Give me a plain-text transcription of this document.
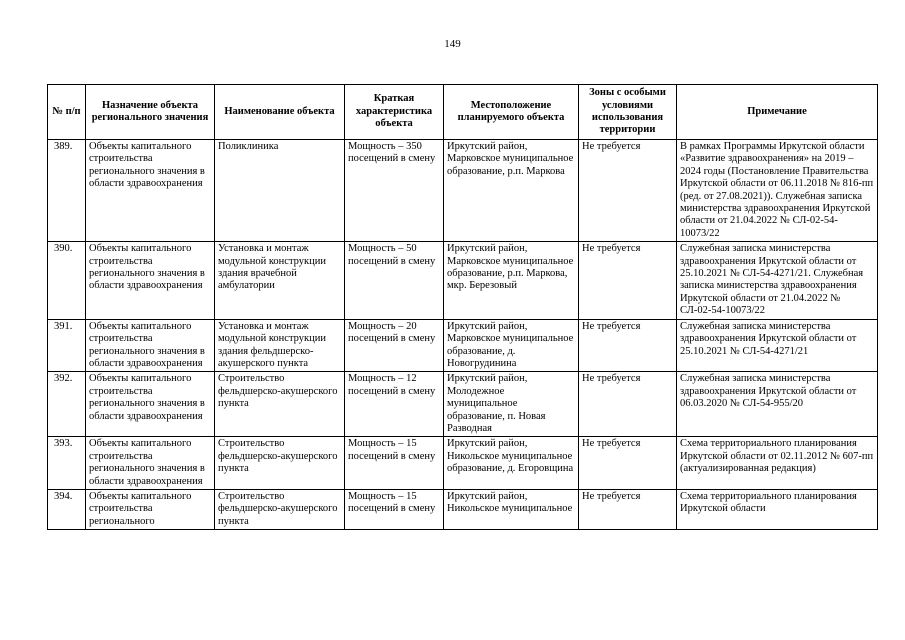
149
№ п/п	Назначение объекта регионального значения	Наименование объекта	Краткая характеристика объекта	Местоположение планируемого объекта	Зоны с особыми условиями использования территории	Примечание
389.	Объекты капитального строительства регионального значения в области здравоохранения	Поликлиника	Мощность – 350 посещений в смену	Иркутский район, Марковское муниципальное образование, р.п. Маркова	Не требуется	В рамках Программы Иркутской области «Развитие здравоохранения» на 2019 – 2024 годы (Постановление Правительства Иркутской области от 06.11.2018 № 816-пп (ред. от 27.08.2021)). Служебная записка министерства здравоохранения Иркутской области от 21.04.2022 № СЛ-02-54-10073/22
390.	Объекты капитального строительства регионального значения в области здравоохранения	Установка и монтаж модульной конструкции здания врачебной амбулатории	Мощность – 50 посещений в смену	Иркутский район, Марковское муниципальное образование, р.п. Маркова, мкр. Березовый	Не требуется	Служебная записка министерства здравоохранения Иркутской области от 25.10.2021 № СЛ-54-4271/21. Служебная записка министерства здравоохранения Иркутской области от 21.04.2022 № СЛ-02-54-10073/22
391.	Объекты капитального строительства регионального значения в области здравоохранения	Установка и монтаж модульной конструкции здания фельдшерско-акушерского пункта	Мощность – 20 посещений в смену	Иркутский район, Марковское муниципальное образование, д. Новогрудинина	Не требуется	Служебная записка министерства здравоохранения Иркутской области от 25.10.2021 № СЛ-54-4271/21
392.	Объекты капитального строительства регионального значения в области здравоохранения	Строительство фельдшерско-акушерского пункта	Мощность – 12 посещений в смену	Иркутский район, Молодежное муниципальное образование, п. Новая Разводная	Не требуется	Служебная записка министерства здравоохранения Иркутской области от 06.03.2020 № СЛ-54-955/20
393.	Объекты капитального строительства регионального значения в области здравоохранения	Строительство фельдшерско-акушерского пункта	Мощность – 15 посещений в смену	Иркутский район, Никольское муниципальное образование, д. Егоровщина	Не требуется	Схема территориального планирования Иркутской области от 02.11.2012 № 607-пп (актуализированная редакция)
394.	Объекты капитального строительства регионального	Строительство фельдшерско-акушерского пункта	Мощность – 15 посещений в смену	Иркутский район, Никольское муниципальное	Не требуется	Схема территориального планирования Иркутской области
